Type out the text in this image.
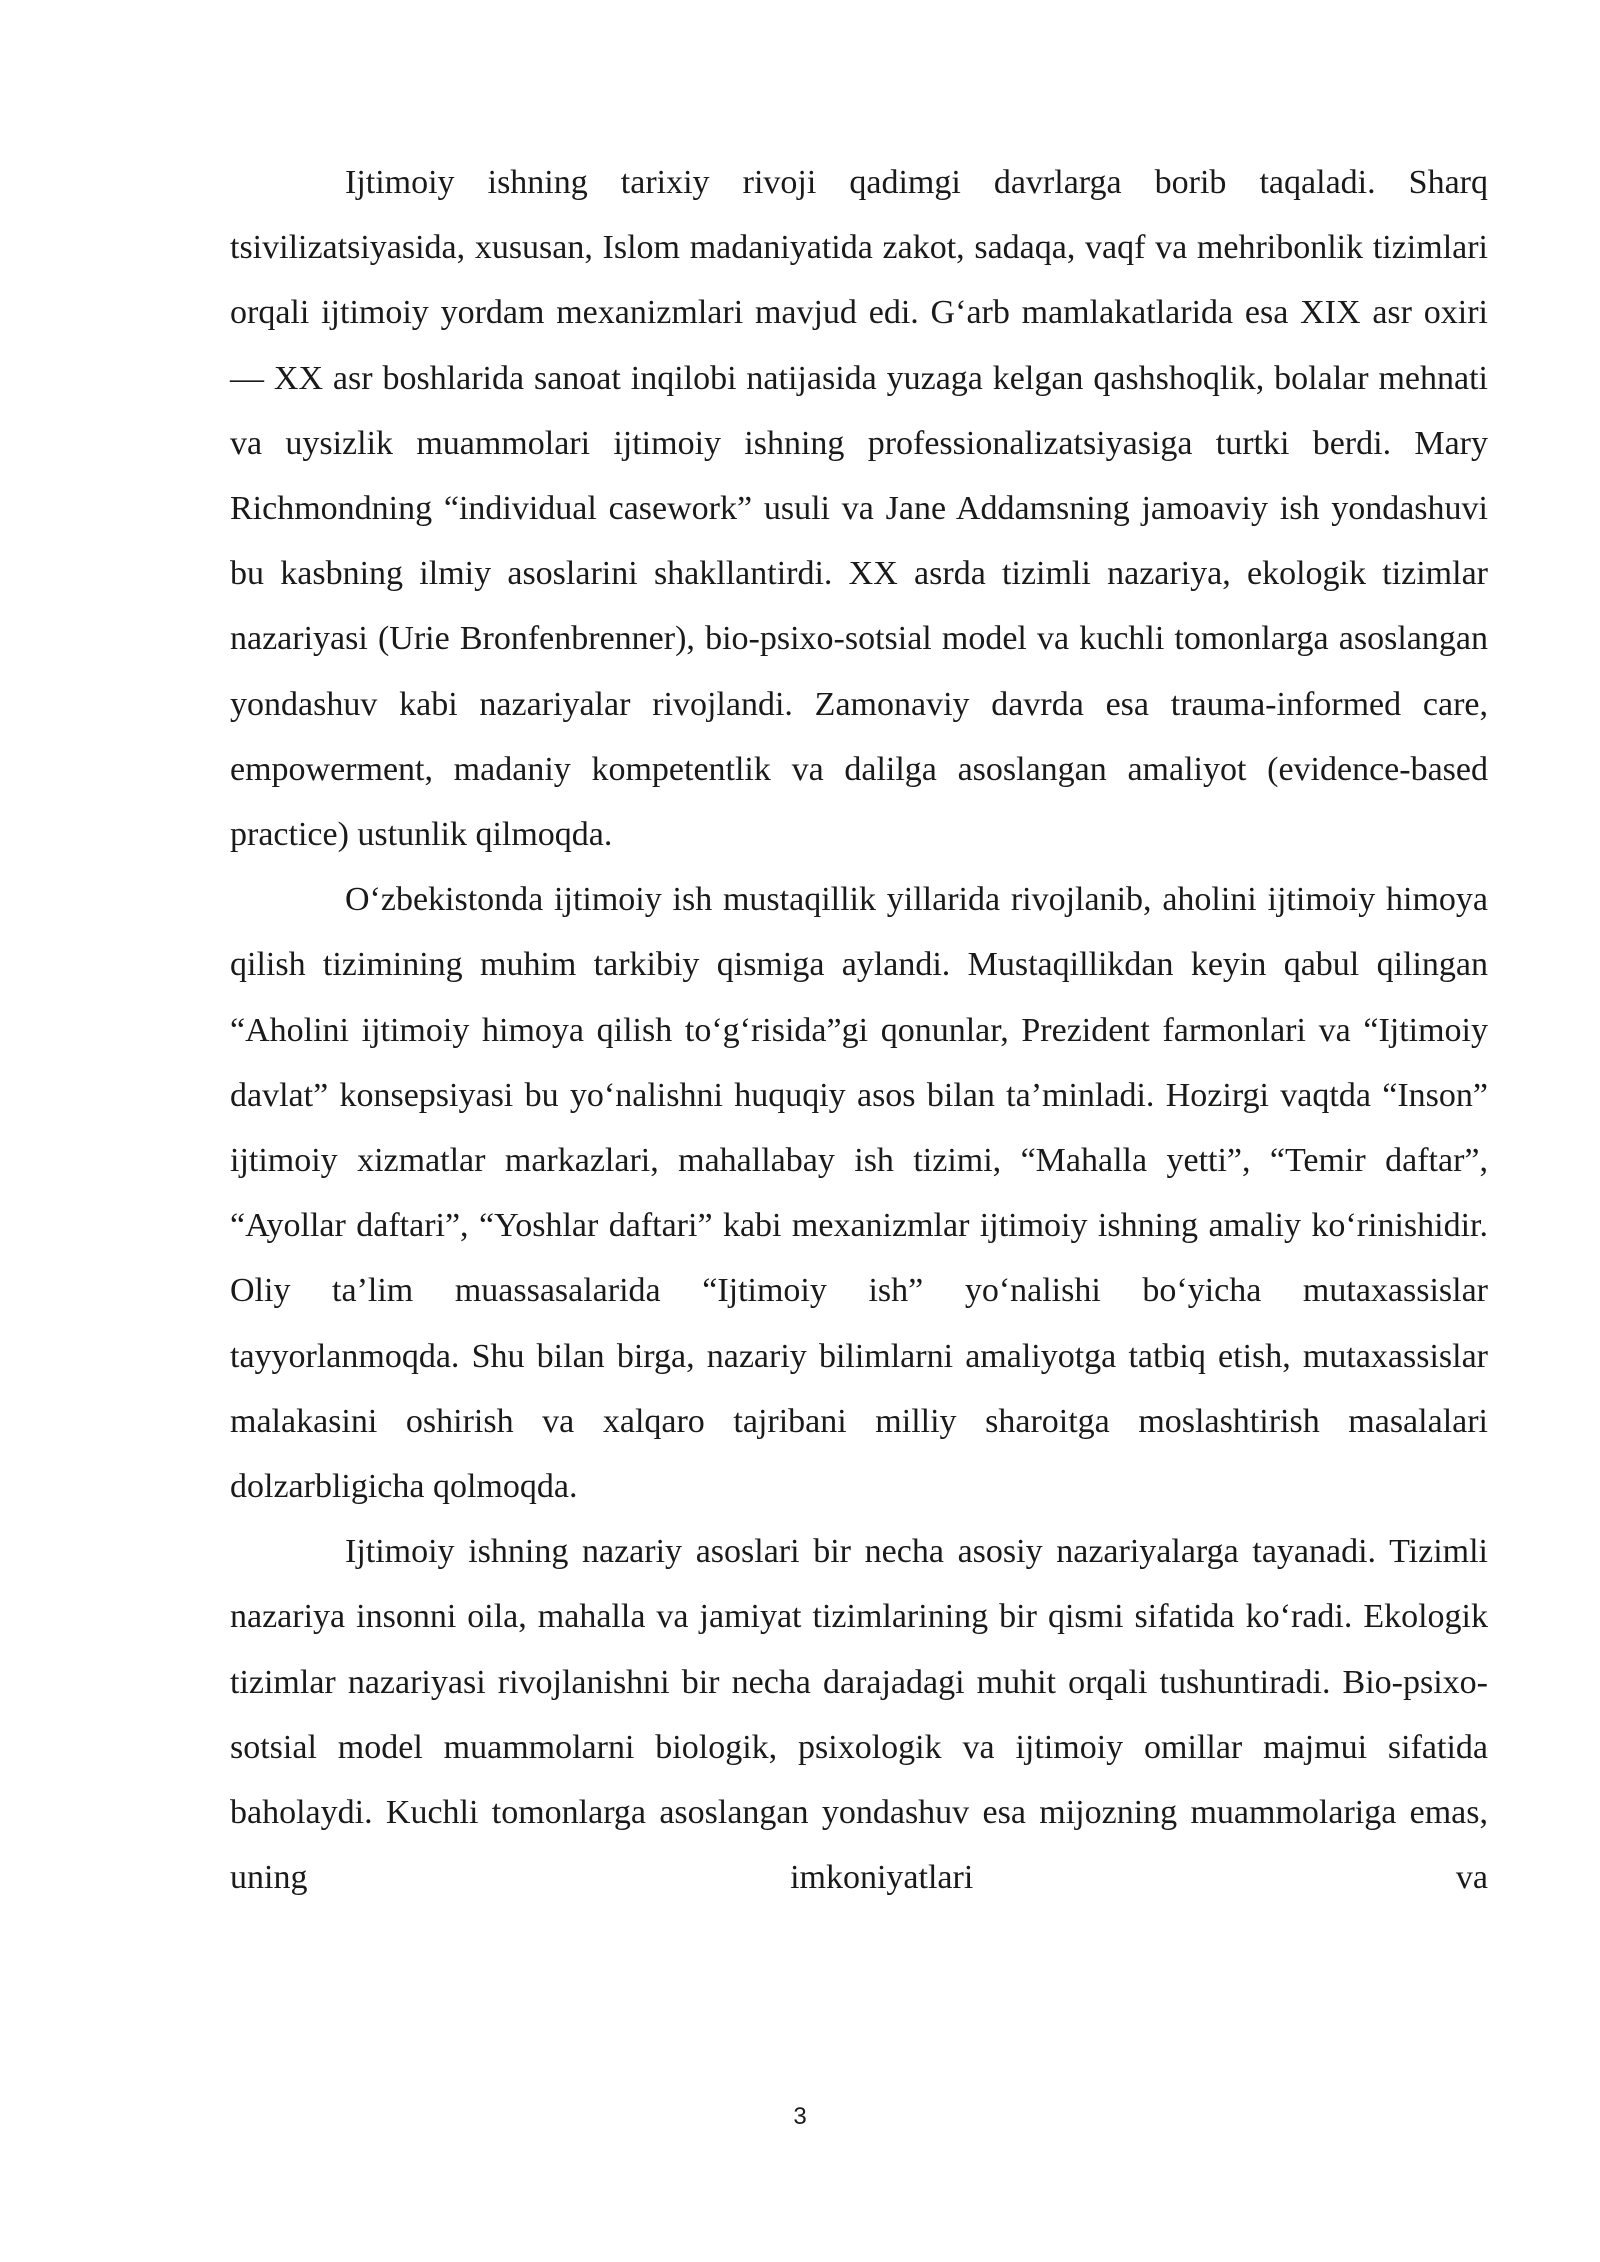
Ijtimoiy ishning tarixiy rivoji qadimgi davrlarga borib taqaladi. Sharq tsivilizatsiyasida, xususan, Islom madaniyatida zakot, sadaqa, vaqf va mehribonlik tizimlari orqali ijtimoiy yordam mexanizmlari mavjud edi. G‘arb mamlakatlarida esa XIX asr oxiri — XX asr boshlarida sanoat inqilobi natijasida yuzaga kelgan qashshoqlik, bolalar mehnati va uysizlik muammolari ijtimoiy ishning professionalizatsiyasiga turtki berdi. Mary Richmondning “individual casework” usuli va Jane Addamsning jamoaviy ish yondashuvi bu kasbning ilmiy asoslarini shakllantirdi. XX asrda tizimli nazariya, ekologik tizimlar nazariyasi (Urie Bronfenbrenner), bio-psixo-sotsial model va kuchli tomonlarga asoslangan yondashuv kabi nazariyalar rivojlandi. Zamonaviy davrda esa trauma-informed care, empowerment, madaniy kompetentlik va dalilga asoslangan amaliyot (evidence-based practice) ustunlik qilmoqda.

O‘zbekistonda ijtimoiy ish mustaqillik yillarida rivojlanib, aholini ijtimoiy himoya qilish tizimining muhim tarkibiy qismiga aylandi. Mustaqillikdan keyin qabul qilingan “Aholini ijtimoiy himoya qilish to‘g‘risida”gi qonunlar, Prezident farmonlari va “Ijtimoiy davlat” konsepsiyasi bu yo‘nalishni huquqiy asos bilan ta’minladi. Hozirgi vaqtda “Inson” ijtimoiy xizmatlar markazlari, mahallabay ish tizimi, “Mahalla yetti”, “Temir daftar”, “Ayollar daftari”, “Yoshlar daftari” kabi mexanizmlar ijtimoiy ishning amaliy ko‘rinishidir. Oliy ta’lim muassasalarida “Ijtimoiy ish” yo‘nalishi bo‘yicha mutaxassislar tayyorlanmoqda. Shu bilan birga, nazariy bilimlarni amaliyotga tatbiq etish, mutaxassislar malakasini oshirish va xalqaro tajribani milliy sharoitga moslashtirish masalalari dolzarbligicha qolmoqda.

Ijtimoiy ishning nazariy asoslari bir necha asosiy nazariyalarga tayanadi. Tizimli nazariya insonni oila, mahalla va jamiyat tizimlarining bir qismi sifatida ko‘radi. Ekologik tizimlar nazariyasi rivojlanishni bir necha darajadagi muhit orqali tushuntiradi. Bio-psixo-sotsial model muammolarni biologik, psixologik va ijtimoiy omillar majmui sifatida baholaydi. Kuchli tomonlarga asoslangan yondashuv esa mijozning muammolariga emas, uning imkoniyatlari va

3
